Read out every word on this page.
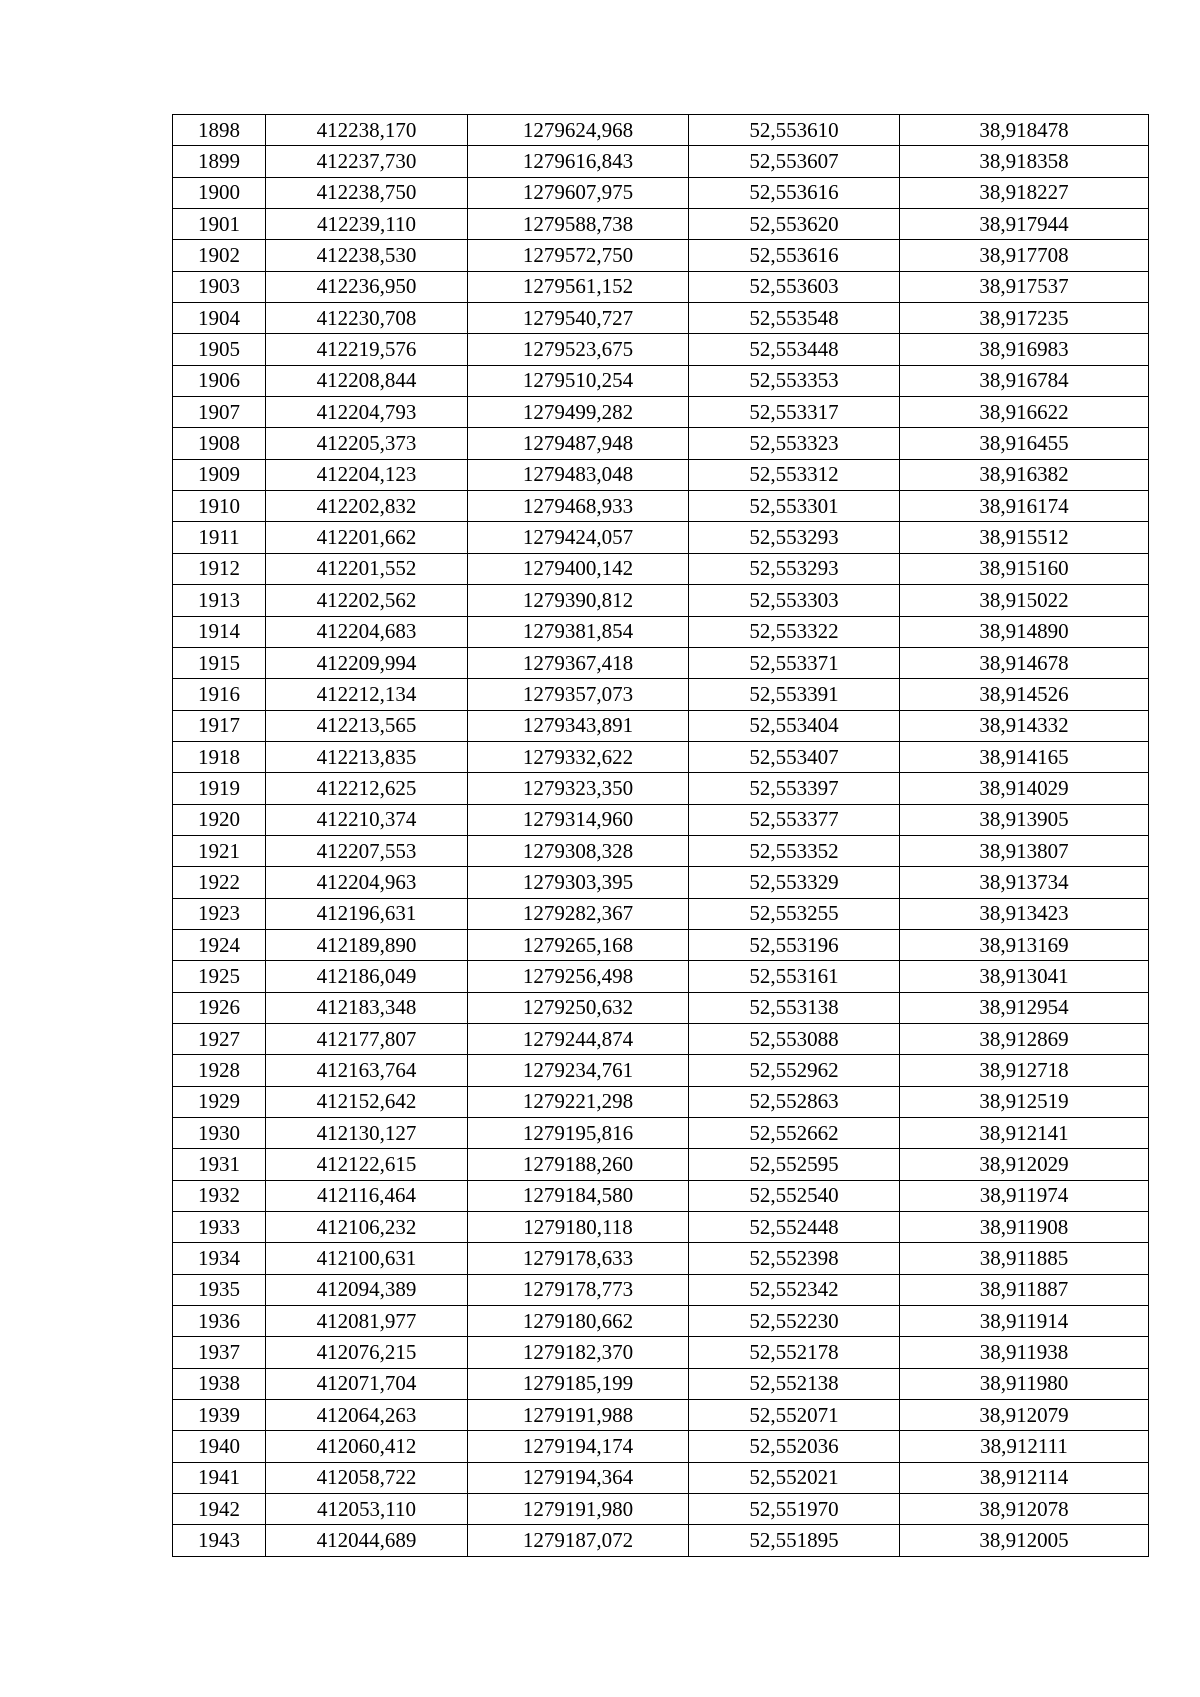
1898	412238,170	1279624,968	52,553610	38,918478
1899	412237,730	1279616,843	52,553607	38,918358
1900	412238,750	1279607,975	52,553616	38,918227
1901	412239,110	1279588,738	52,553620	38,917944
1902	412238,530	1279572,750	52,553616	38,917708
1903	412236,950	1279561,152	52,553603	38,917537
1904	412230,708	1279540,727	52,553548	38,917235
1905	412219,576	1279523,675	52,553448	38,916983
1906	412208,844	1279510,254	52,553353	38,916784
1907	412204,793	1279499,282	52,553317	38,916622
1908	412205,373	1279487,948	52,553323	38,916455
1909	412204,123	1279483,048	52,553312	38,916382
1910	412202,832	1279468,933	52,553301	38,916174
1911	412201,662	1279424,057	52,553293	38,915512
1912	412201,552	1279400,142	52,553293	38,915160
1913	412202,562	1279390,812	52,553303	38,915022
1914	412204,683	1279381,854	52,553322	38,914890
1915	412209,994	1279367,418	52,553371	38,914678
1916	412212,134	1279357,073	52,553391	38,914526
1917	412213,565	1279343,891	52,553404	38,914332
1918	412213,835	1279332,622	52,553407	38,914165
1919	412212,625	1279323,350	52,553397	38,914029
1920	412210,374	1279314,960	52,553377	38,913905
1921	412207,553	1279308,328	52,553352	38,913807
1922	412204,963	1279303,395	52,553329	38,913734
1923	412196,631	1279282,367	52,553255	38,913423
1924	412189,890	1279265,168	52,553196	38,913169
1925	412186,049	1279256,498	52,553161	38,913041
1926	412183,348	1279250,632	52,553138	38,912954
1927	412177,807	1279244,874	52,553088	38,912869
1928	412163,764	1279234,761	52,552962	38,912718
1929	412152,642	1279221,298	52,552863	38,912519
1930	412130,127	1279195,816	52,552662	38,912141
1931	412122,615	1279188,260	52,552595	38,912029
1932	412116,464	1279184,580	52,552540	38,911974
1933	412106,232	1279180,118	52,552448	38,911908
1934	412100,631	1279178,633	52,552398	38,911885
1935	412094,389	1279178,773	52,552342	38,911887
1936	412081,977	1279180,662	52,552230	38,911914
1937	412076,215	1279182,370	52,552178	38,911938
1938	412071,704	1279185,199	52,552138	38,911980
1939	412064,263	1279191,988	52,552071	38,912079
1940	412060,412	1279194,174	52,552036	38,912111
1941	412058,722	1279194,364	52,552021	38,912114
1942	412053,110	1279191,980	52,551970	38,912078
1943	412044,689	1279187,072	52,551895	38,912005
